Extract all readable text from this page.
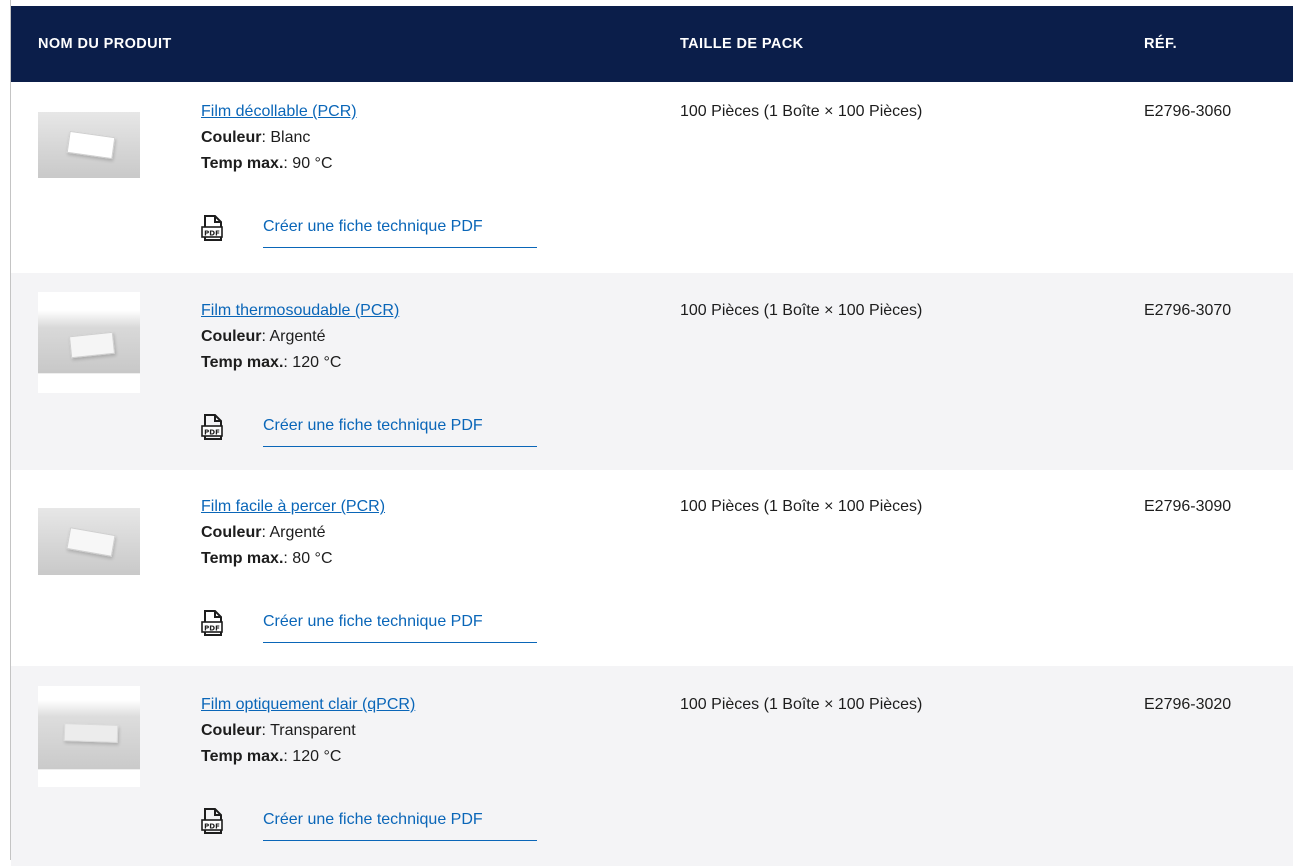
NOM DU PRODUIT	TAILLE DE PACK	RÉF.
Film décollable (PCR)
Couleur: Blanc
Temp max.: 90 °C
PDF	Créer une fiche technique PDF
100 Pièces (1 Boîte × 100 Pièces)	E2796-3060
Film thermosoudable (PCR)
Couleur: Argenté
Temp max.: 120 °C
PDF	Créer une fiche technique PDF
100 Pièces (1 Boîte × 100 Pièces)	E2796-3070
Film facile à percer (PCR)
Couleur: Argenté
Temp max.: 80 °C
PDF	Créer une fiche technique PDF
100 Pièces (1 Boîte × 100 Pièces)	E2796-3090
Film optiquement clair (qPCR)
Couleur: Transparent
Temp max.: 120 °C
PDF	Créer une fiche technique PDF
100 Pièces (1 Boîte × 100 Pièces)	E2796-3020
